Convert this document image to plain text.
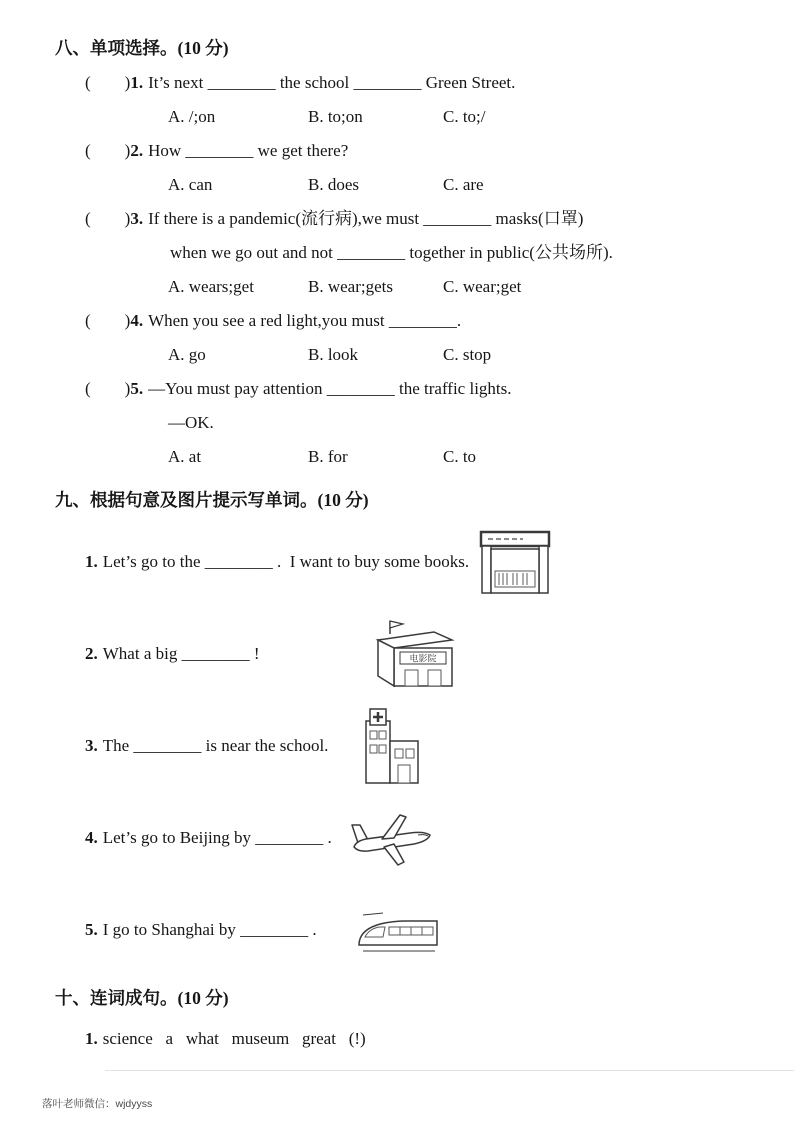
八、单项选择。(10 分)
(        )1. It’s next ________ the school ________ Green Street.
A. /;on	B. to;on	C. to;/
(        )2. How ________ we get there?
A. can	B. does	C. are
(        )3. If there is a pandemic(流行病),we must ________ masks(口罩)
when we go out and not ________ together in public(公共场所).
A. wears;get	B. wear;gets	C. wear;get
(        )4. When you see a red light,you must ________.
A. go	B. look	C. stop
(        )5. —You must pay attention ________ the traffic lights.
—OK.
A. at	B. for	C. to
九、根据句意及图片提示写单词。(10 分)
1. Let’s go to the ________ .  I want to buy some books.
2. What a big ________ !	电影院
3. The ________ is near the school.
4. Let’s go to Beijing by ________ .
5. I go to Shanghai by ________ .
十、连词成句。(10 分)
1. science   a   what   museum   great   (!)
落叶老师微信：wjdyyss
